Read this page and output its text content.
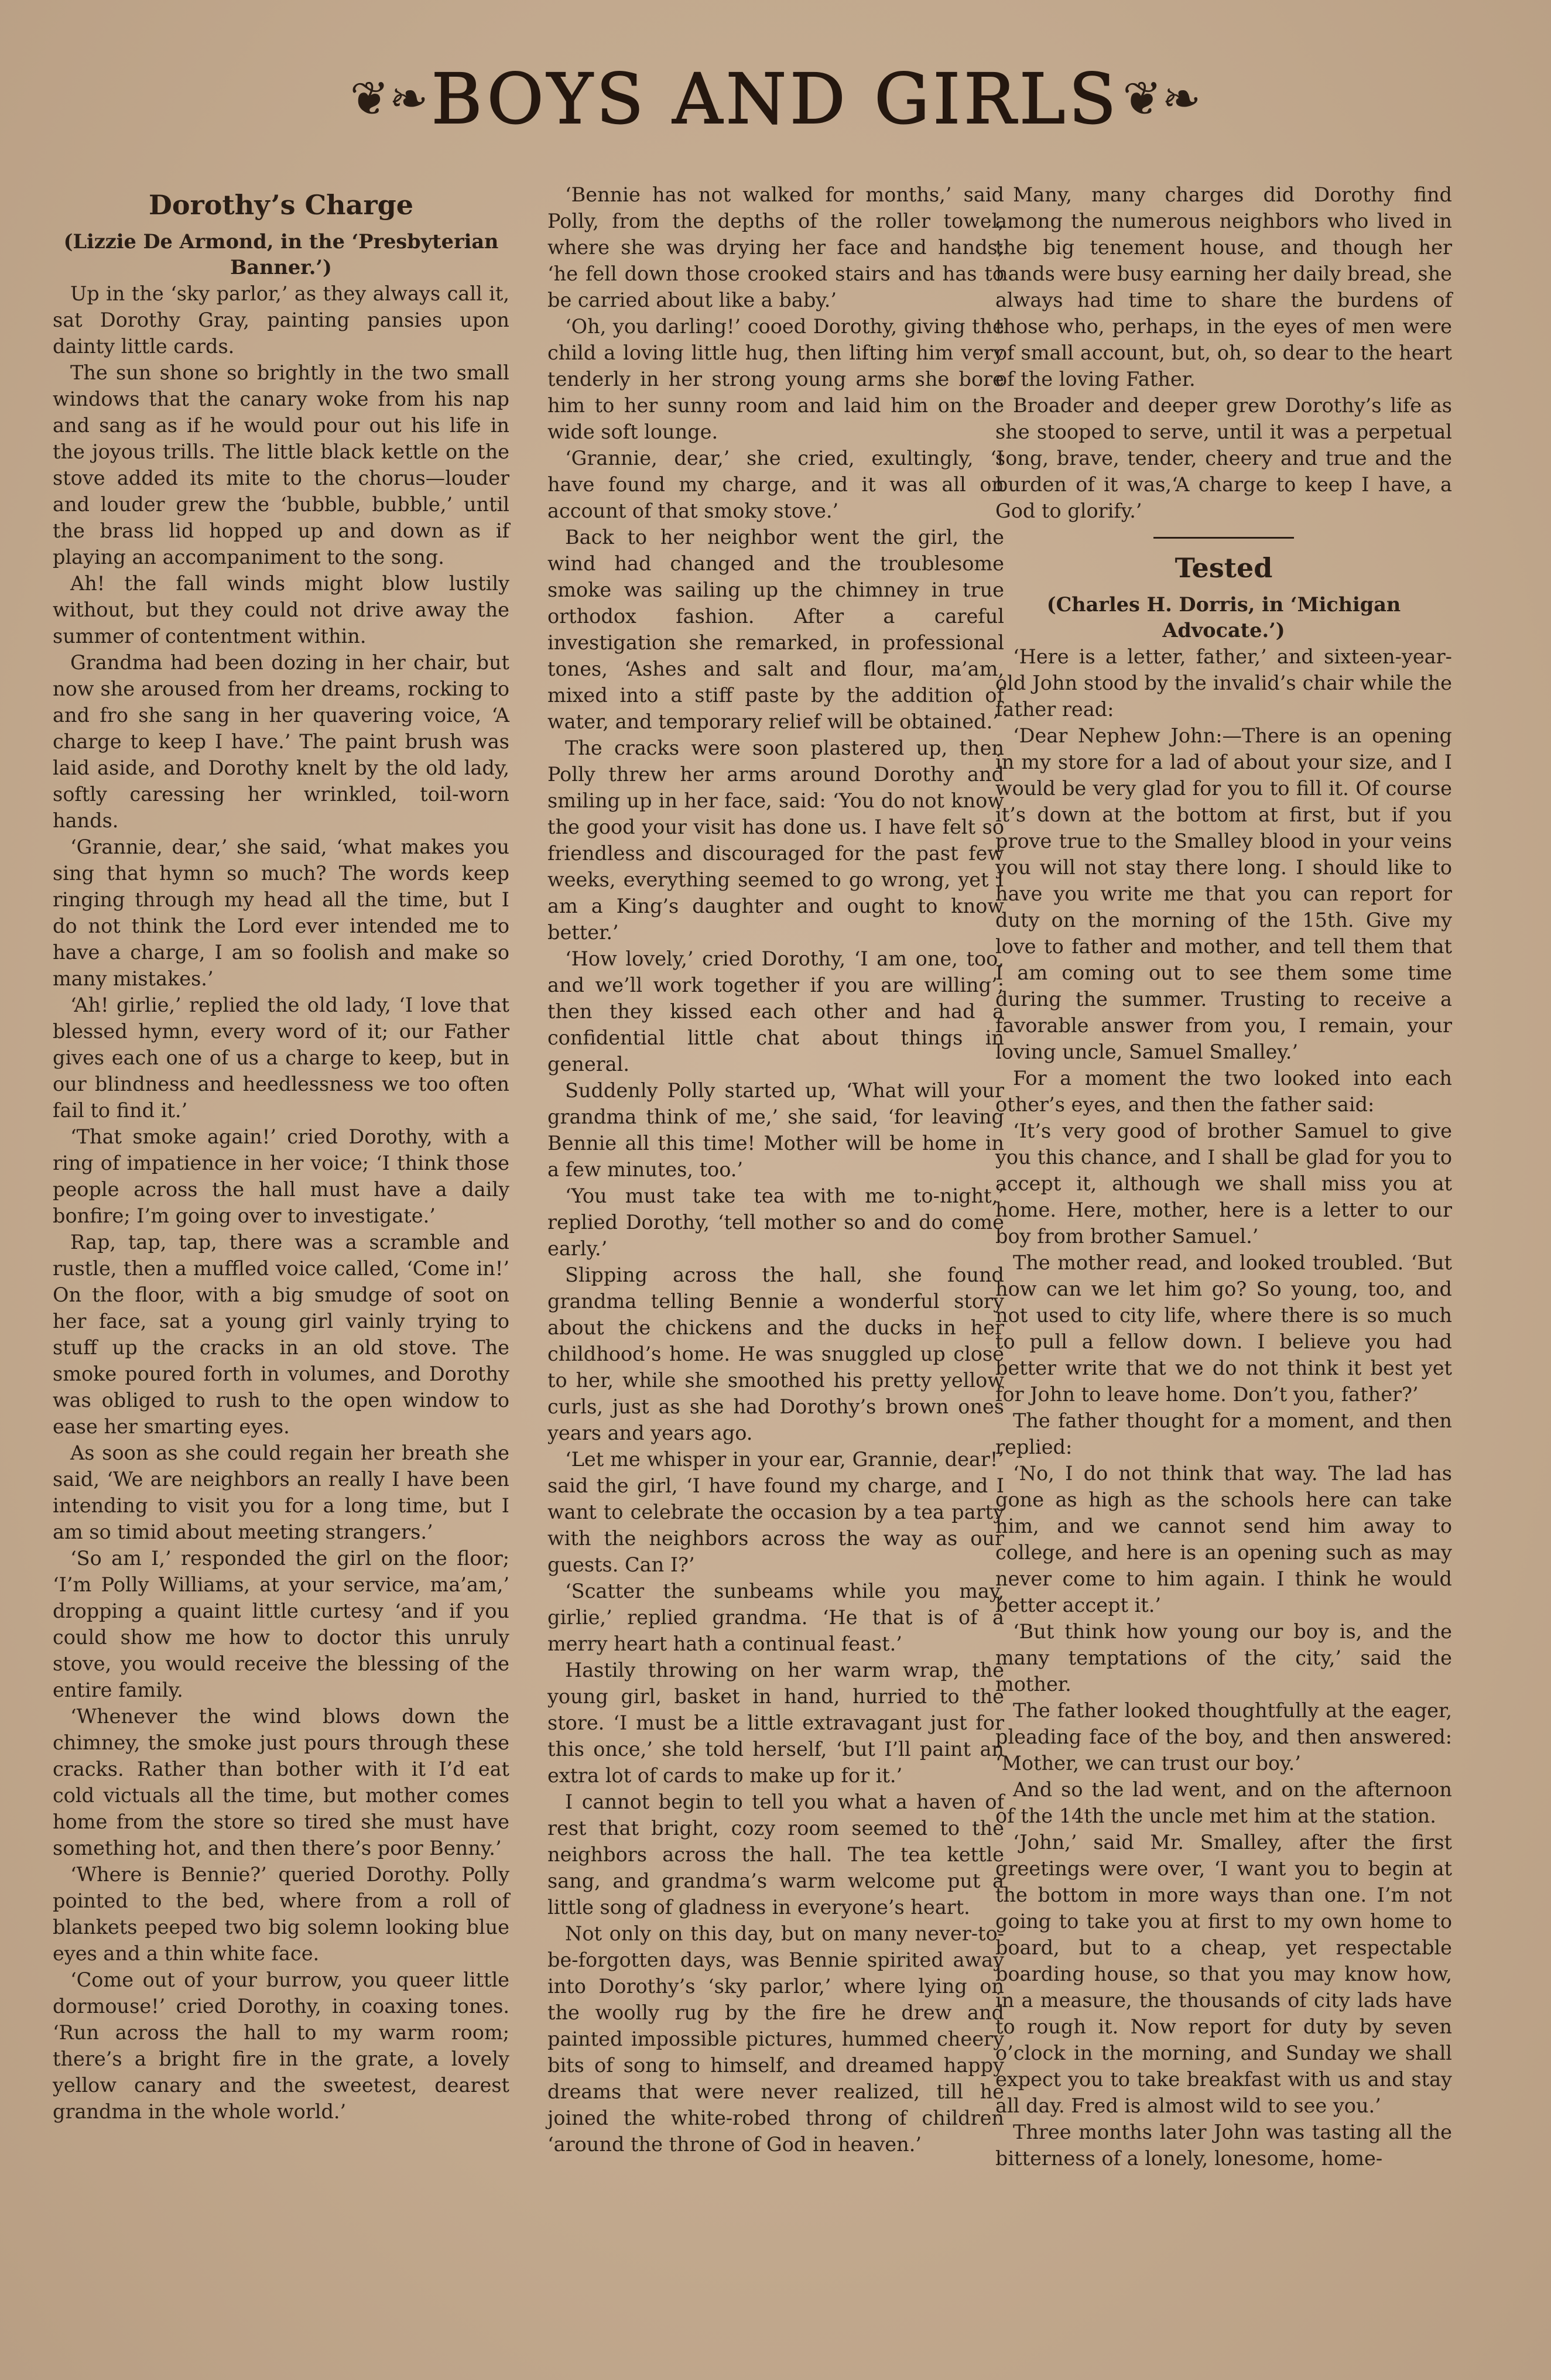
❦❧ BOYS AND GIRLS ❦❧
Dorothy’s Charge

(Lizzie De Armond, in the ‘Presbyterian Banner.’)

Up in the ‘sky parlor,’ as they always call it, sat Dorothy Gray, painting pansies upon dainty little cards.

The sun shone so brightly in the two small windows that the canary woke from his nap and sang as if he would pour out his life in the joyous trills. The little black kettle on the stove added its mite to the chorus—louder and louder grew the ‘bubble, bubble,’ until the brass lid hopped up and down as if playing an accompaniment to the song.

Ah! the fall winds might blow lustily without, but they could not drive away the summer of contentment within.

Grandma had been dozing in her chair, but now she aroused from her dreams, rocking to and fro she sang in her quavering voice, ‘A charge to keep I have.’ The paint brush was laid aside, and Dorothy knelt by the old lady, softly caressing her wrinkled, toil-worn hands.

‘Grannie, dear,’ she said, ‘what makes you sing that hymn so much? The words keep ringing through my head all the time, but I do not think the Lord ever intended me to have a charge, I am so foolish and make so many mistakes.’

‘Ah! girlie,’ replied the old lady, ‘I love that blessed hymn, every word of it; our Father gives each one of us a charge to keep, but in our blindness and heedlessness we too often fail to find it.’

‘That smoke again!’ cried Dorothy, with a ring of impatience in her voice; ‘I think those people across the hall must have a daily bonfire; I’m going over to investigate.’

Rap, tap, tap, there was a scramble and rustle, then a muffled voice called, ‘Come in!’ On the floor, with a big smudge of soot on her face, sat a young girl vainly trying to stuff up the cracks in an old stove. The smoke poured forth in volumes, and Dorothy was obliged to rush to the open window to ease her smarting eyes.

As soon as she could regain her breath she said, ‘We are neighbors an really I have been intending to visit you for a long time, but I am so timid about meeting strangers.’

‘So am I,’ responded the girl on the floor; ‘I’m Polly Williams, at your service, ma’am,’ dropping a quaint little curtesy ‘and if you could show me how to doctor this unruly stove, you would receive the blessing of the entire family.

‘Whenever the wind blows down the chimney, the smoke just pours through these cracks. Rather than bother with it I’d eat cold victuals all the time, but mother comes home from the store so tired she must have something hot, and then there’s poor Benny.’

‘Where is Bennie?’ queried Dorothy. Polly pointed to the bed, where from a roll of blankets peeped two big solemn looking blue eyes and a thin white face.

‘Come out of your burrow, you queer little dormouse!’ cried Dorothy, in coaxing tones. ‘Run across the hall to my warm room; there’s a bright fire in the grate, a lovely yellow canary and the sweetest, dearest grandma in the whole world.’

‘Bennie has not walked for months,’ said Polly, from the depths of the roller towel, where she was drying her face and hands; ‘he fell down those crooked stairs and has to be carried about like a baby.’

‘Oh, you darling!’ cooed Dorothy, giving the child a loving little hug, then lifting him very tenderly in her strong young arms she bore him to her sunny room and laid him on the wide soft lounge.

‘Grannie, dear,’ she cried, exultingly, ‘I have found my charge, and it was all on account of that smoky stove.’

Back to her neighbor went the girl, the wind had changed and the troublesome smoke was sailing up the chimney in true orthodox fashion. After a careful investigation she remarked, in professional tones, ‘Ashes and salt and flour, ma’am, mixed into a stiff paste by the addition of water, and temporary relief will be obtained.’

The cracks were soon plastered up, then Polly threw her arms around Dorothy and smiling up in her face, said: ‘You do not know the good your visit has done us. I have felt so friendless and discouraged for the past few weeks, everything seemed to go wrong, yet I am a King’s daughter and ought to know better.’

‘How lovely,’ cried Dorothy, ‘I am one, too, and we’ll work together if you are willing’; then they kissed each other and had a confidential little chat about things in general.

Suddenly Polly started up, ‘What will your grandma think of me,’ she said, ‘for leaving Bennie all this time! Mother will be home in a few minutes, too.’

‘You must take tea with me to-night,’ replied Dorothy, ‘tell mother so and do come early.’

Slipping across the hall, she found grandma telling Bennie a wonderful story about the chickens and the ducks in her childhood’s home. He was snuggled up close to her, while she smoothed his pretty yellow curls, just as she had Dorothy’s brown ones years and years ago.

‘Let me whisper in your ear, Grannie, dear!’ said the girl, ‘I have found my charge, and I want to celebrate the occasion by a tea party with the neighbors across the way as our guests. Can I?’

‘Scatter the sunbeams while you may, girlie,’ replied grandma. ‘He that is of a merry heart hath a continual feast.’

Hastily throwing on her warm wrap, the young girl, basket in hand, hurried to the store. ‘I must be a little extravagant just for this once,’ she told herself, ‘but I’ll paint an extra lot of cards to make up for it.’

I cannot begin to tell you what a haven of rest that bright, cozy room seemed to the neighbors across the hall. The tea kettle sang, and grandma’s warm welcome put a little song of gladness in everyone’s heart.

Not only on this day, but on many never-to-be-forgotten days, was Bennie spirited away into Dorothy’s ‘sky parlor,’ where lying on the woolly rug by the fire he drew and painted impossible pictures, hummed cheery bits of song to himself, and dreamed happy dreams that were never realized, till he joined the white-robed throng of children ‘around the throne of God in heaven.’

Many, many charges did Dorothy find among the numerous neighbors who lived in the big tenement house, and though her hands were busy earning her daily bread, she always had time to share the burdens of those who, perhaps, in the eyes of men were of small account, but, oh, so dear to the heart of the loving Father.

Broader and deeper grew Dorothy’s life as she stooped to serve, until it was a perpetual song, brave, tender, cheery and true and the burden of it was,‘A charge to keep I have, a God to glorify.’

Tested

(Charles H. Dorris, in ‘Michigan Advocate.’)

‘Here is a letter, father,’ and sixteen-year-old John stood by the invalid’s chair while the father read:

‘Dear Nephew John:—There is an opening in my store for a lad of about your size, and I would be very glad for you to fill it. Of course it’s down at the bottom at first, but if you prove true to the Smalley blood in your veins you will not stay there long. I should like to have you write me that you can report for duty on the morning of the 15th. Give my love to father and mother, and tell them that I am coming out to see them some time during the summer. Trusting to receive a favorable answer from you, I remain, your loving uncle, Samuel Smalley.’

For a moment the two looked into each other’s eyes, and then the father said:

‘It’s very good of brother Samuel to give you this chance, and I shall be glad for you to accept it, although we shall miss you at home. Here, mother, here is a letter to our boy from brother Samuel.’

The mother read, and looked troubled. ‘But how can we let him go? So young, too, and not used to city life, where there is so much to pull a fellow down. I believe you had better write that we do not think it best yet for John to leave home. Don’t you, father?’

The father thought for a moment, and then replied:

‘No, I do not think that way. The lad has gone as high as the schools here can take him, and we cannot send him away to college, and here is an opening such as may never come to him again. I think he would better accept it.’

‘But think how young our boy is, and the many temptations of the city,’ said the mother.

The father looked thoughtfully at the eager, pleading face of the boy, and then answered: ‘Mother, we can trust our boy.’

And so the lad went, and on the afternoon of the 14th the uncle met him at the station.

‘John,’ said Mr. Smalley, after the first greetings were over, ‘I want you to begin at the bottom in more ways than one. I’m not going to take you at first to my own home to board, but to a cheap, yet respectable boarding house, so that you may know how, in a measure, the thousands of city lads have to rough it. Now report for duty by seven o’clock in the morning, and Sunday we shall expect you to take breakfast with us and stay all day. Fred is almost wild to see you.’

Three months later John was tasting all the bitterness of a lonely, lonesome, home-
